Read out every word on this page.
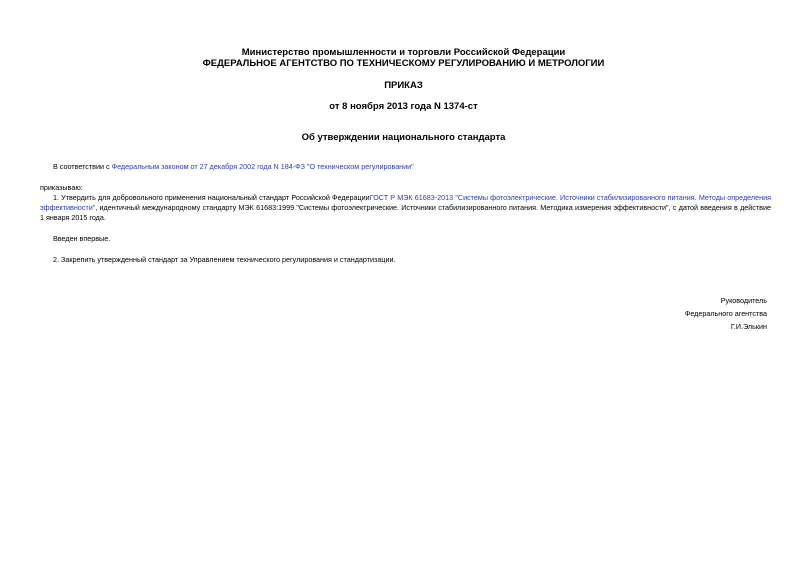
Министерство промышленности и торговли Российской Федерации
ФЕДЕРАЛЬНОЕ АГЕНТСТВО ПО ТЕХНИЧЕСКОМУ РЕГУЛИРОВАНИЮ И МЕТРОЛОГИИ
ПРИКАЗ
от 8 ноября 2013 года N 1374-ст
Об утверждении национального стандарта
В соответствии с Федеральным законом от 27 декабря 2002 года N 184-ФЗ "О техническом регулировании"
приказываю:
1. Утвердить для добровольного применения национальный стандарт Российской ФедерацииГОСТ Р МЭК 61683-2013 "Системы фотоэлектрические. Источники стабилизированного питания. Методы определения эффективности", идентичный международному стандарту МЭК 61683:1999 "Системы фотоэлектрические. Источники стабилизированного питания. Методика измерения эффективности", с датой введения в действие 1 января 2015 года.
Введен впервые.
2. Закрепить утвержденный стандарт за Управлением технического регулирования и стандартизации.
Руководитель
Федерального агентства
Г.И.Элькин
